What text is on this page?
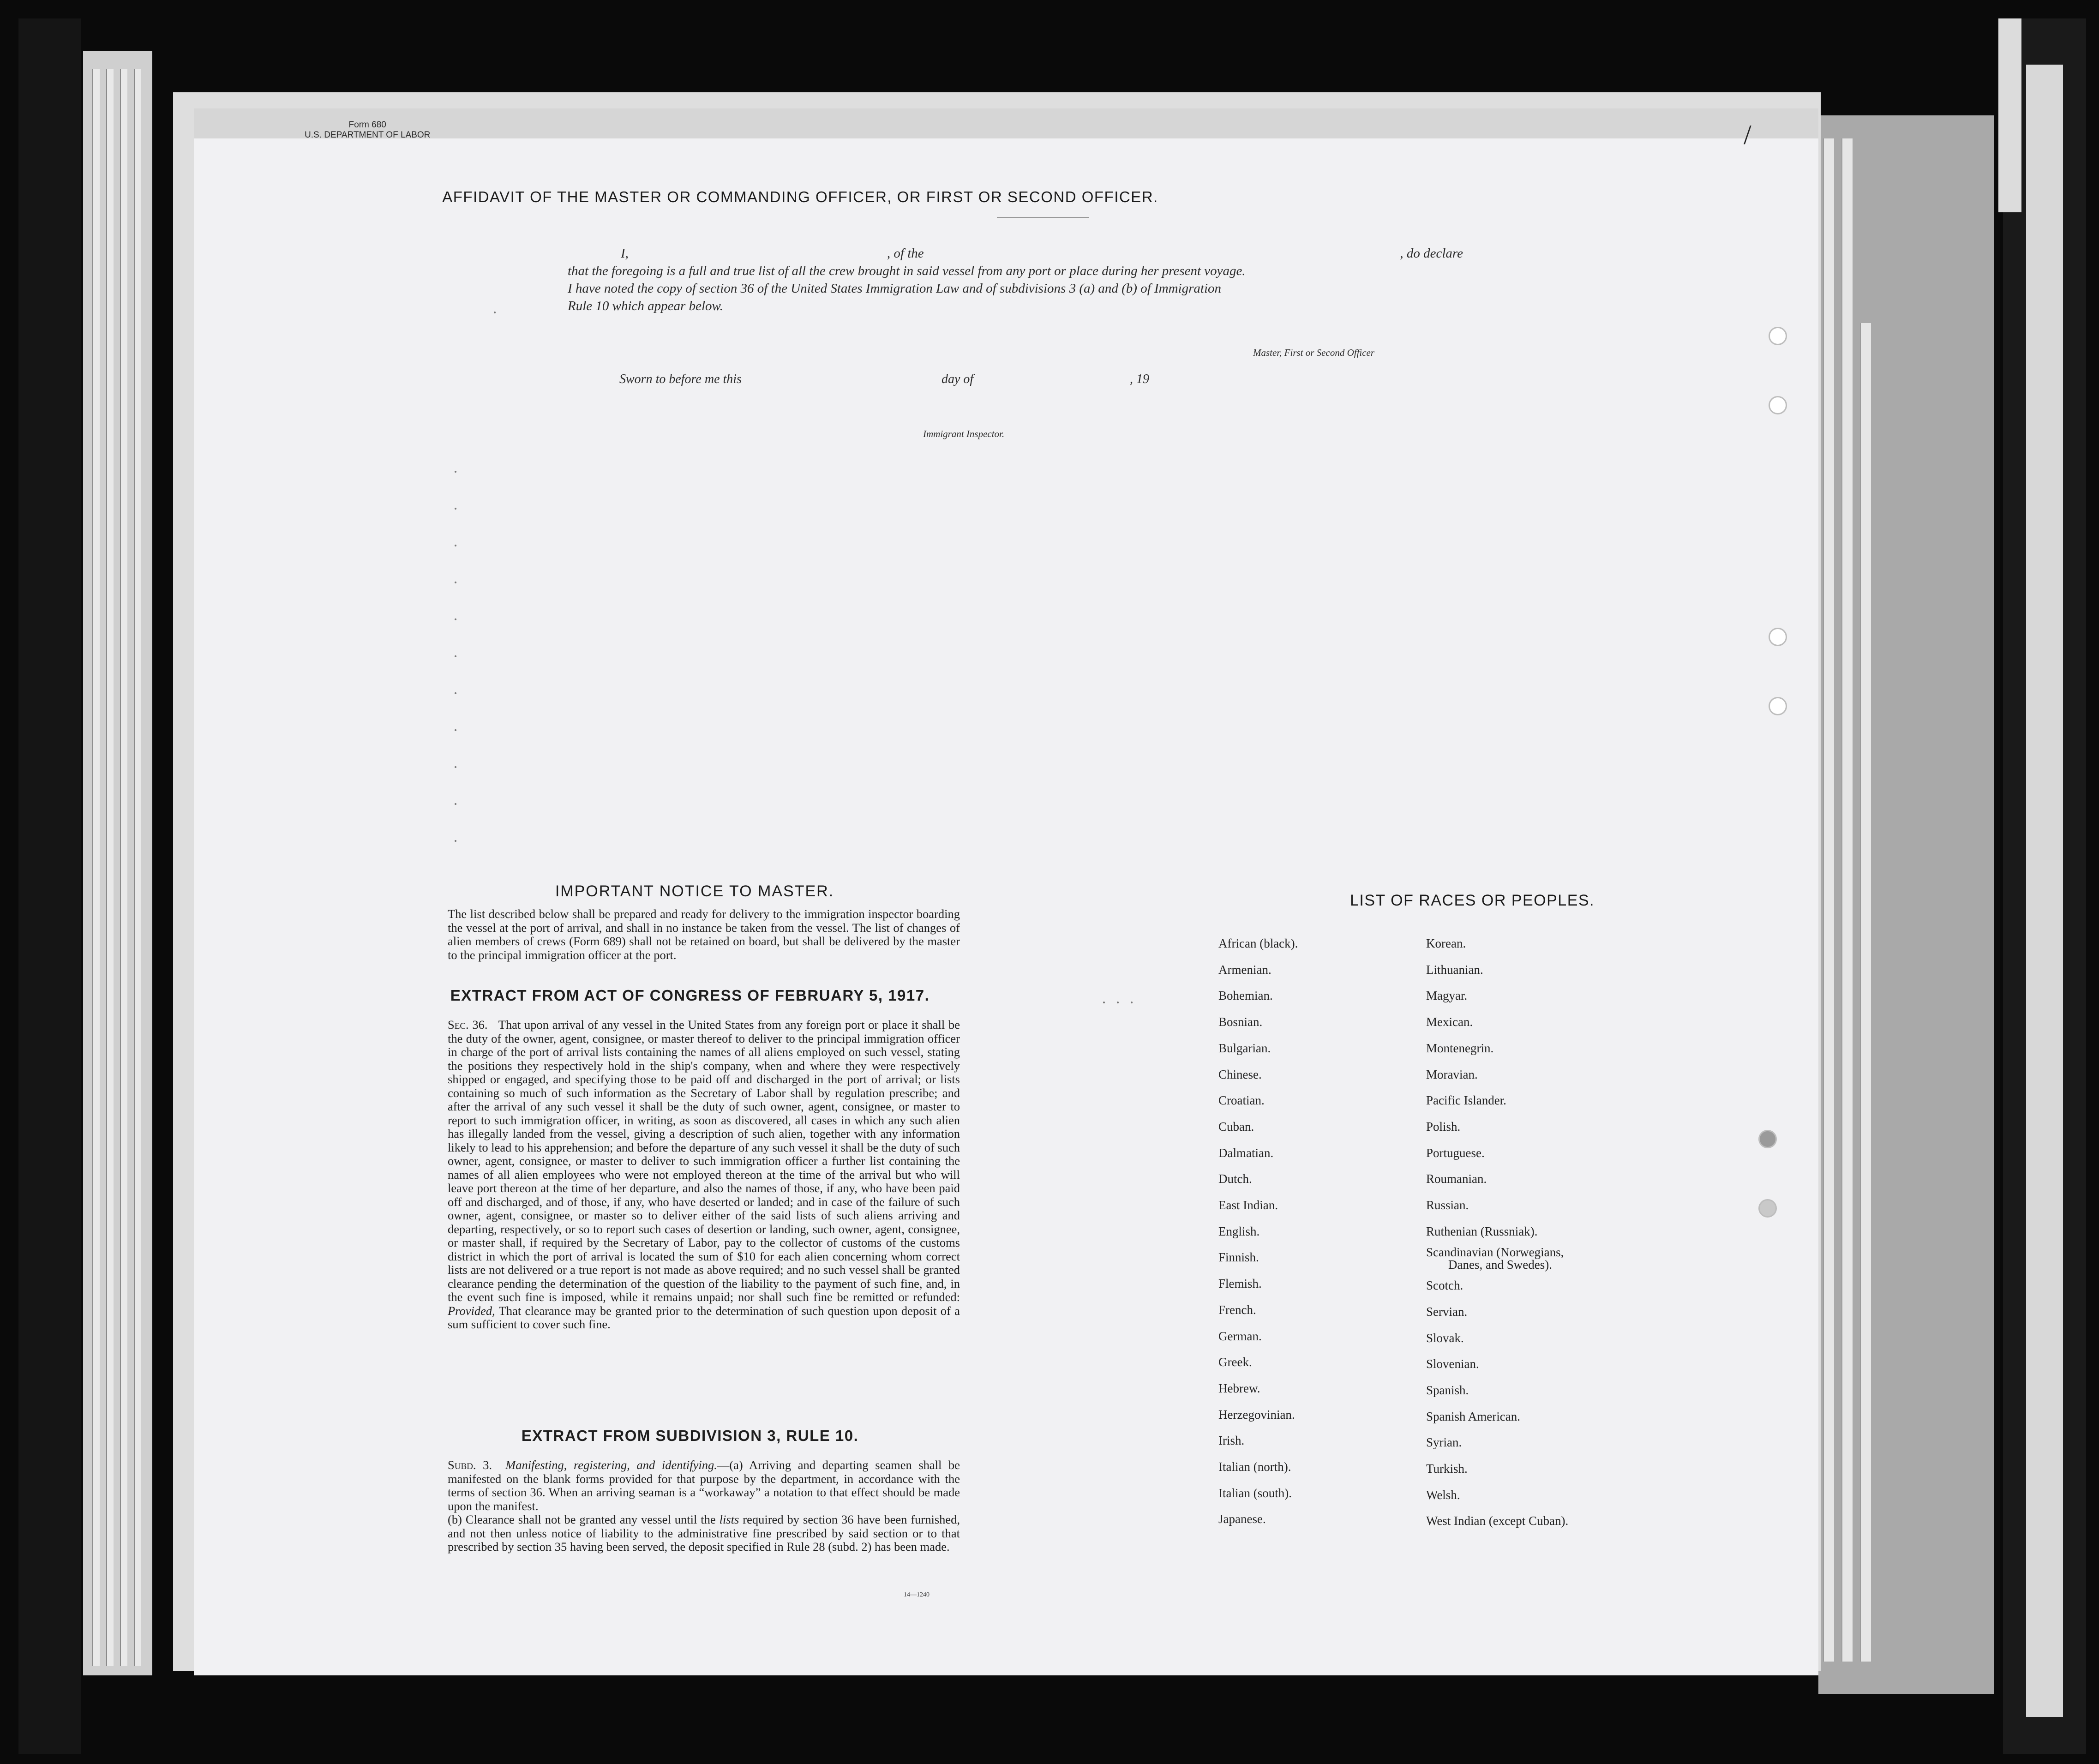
Form 680
U.S. DEPARTMENT OF LABOR	/
AFFIDAVIT OF THE MASTER OR COMMANDING OFFICER, OR FIRST OR SECOND OFFICER.
I,	, of the	, do declare
that the foregoing is a full and true list of all the crew brought in said vessel from any port or place during her present voyage.
I have noted the copy of section 36 of the United States Immigration Law and of subdivisions 3 (a) and (b) of Immigration
Rule 10 which appear below.
Master, First or Second Officer
Sworn to before me this	day of	, 19
Immigrant Inspector.
IMPORTANT NOTICE TO MASTER.
The list described below shall be prepared and ready for delivery to the immigration inspector boarding the vessel at the port of arrival, and shall in no instance be taken from the vessel. The list of changes of alien members of crews (Form 689) shall not be retained on board, but shall be delivered by the master to the principal immigration officer at the port.
EXTRACT FROM ACT OF CONGRESS OF FEBRUARY 5, 1917.
Sec. 36. That upon arrival of any vessel in the United States from any foreign port or place it shall be the duty of the owner, agent, consignee, or master thereof to deliver to the principal immigration officer in charge of the port of arrival lists containing the names of all aliens employed on such vessel, stating the positions they respectively hold in the ship's company, when and where they were respectively shipped or engaged, and specifying those to be paid off and discharged in the port of arrival; or lists containing so much of such information as the Secretary of Labor shall by regulation prescribe; and after the arrival of any such vessel it shall be the duty of such owner, agent, consignee, or master to report to such immigration officer, in writing, as soon as discovered, all cases in which any such alien has illegally landed from the vessel, giving a description of such alien, together with any information likely to lead to his apprehension; and before the departure of any such vessel it shall be the duty of such owner, agent, consignee, or master to deliver to such immigration officer a further list containing the names of all alien employees who were not employed thereon at the time of the arrival but who will leave port thereon at the time of her departure, and also the names of those, if any, who have been paid off and discharged, and of those, if any, who have deserted or landed; and in case of the failure of such owner, agent, consignee, or master so to deliver either of the said lists of such aliens arriving and departing, respectively, or so to report such cases of desertion or landing, such owner, agent, consignee, or master shall, if required by the Secretary of Labor, pay to the collector of customs of the customs district in which the port of arrival is located the sum of $10 for each alien concerning whom correct lists are not delivered or a true report is not made as above required; and no such vessel shall be granted clearance pending the determination of the question of the liability to the payment of such fine, and, in the event such fine is imposed, while it remains unpaid; nor shall such fine be remitted or refunded: Provided, That clearance may be granted prior to the determination of such question upon deposit of a sum sufficient to cover such fine.
EXTRACT FROM SUBDIVISION 3, RULE 10.
Subd. 3. Manifesting, registering, and identifying.—(a) Arriving and departing seamen shall be manifested on the blank forms provided for that purpose by the department, in accordance with the terms of section 36. When an arriving seaman is a “workaway” a notation to that effect should be made upon the manifest.
(b) Clearance shall not be granted any vessel until the lists required by section 36 have been furnished, and not then unless notice of liability to the administrative fine prescribed by said section or to that prescribed by section 35 having been served, the deposit specified in Rule 28 (subd. 2) has been made.
14—1240
LIST OF RACES OR PEOPLES.
African (black).
Armenian.
Bohemian.
Bosnian.
Bulgarian.
Chinese.
Croatian.
Cuban.
Dalmatian.
Dutch.
East Indian.
English.
Finnish.
Flemish.
French.
German.
Greek.
Hebrew.
Herzegovinian.
Irish.
Italian (north).
Italian (south).
Japanese.
Korean.
Lithuanian.
Magyar.
Mexican.
Montenegrin.
Moravian.
Pacific Islander.
Polish.
Portuguese.
Roumanian.
Russian.
Ruthenian (Russniak).
Scandinavian (Norwegians,
Danes, and Swedes).
Scotch.
Servian.
Slovak.
Slovenian.
Spanish.
Spanish American.
Syrian.
Turkish.
Welsh.
West Indian (except Cuban).
